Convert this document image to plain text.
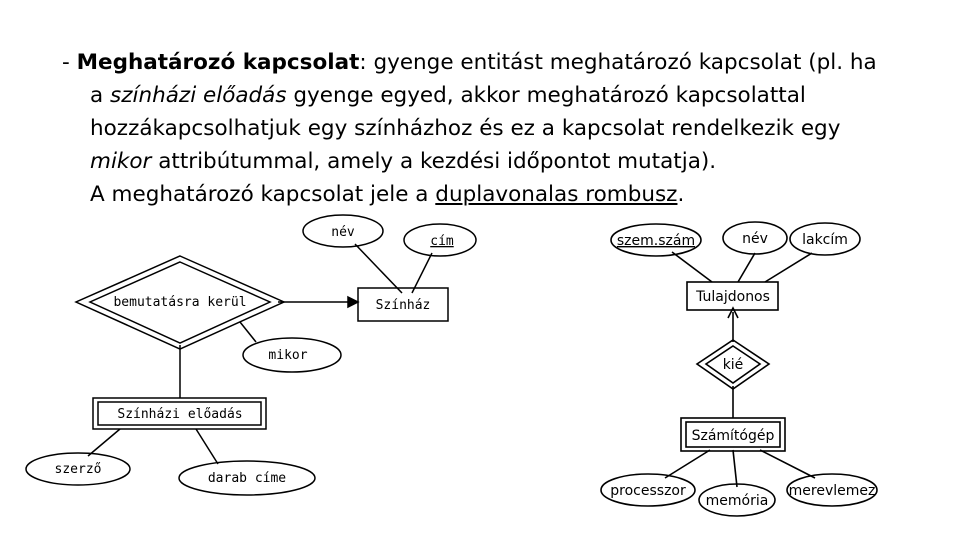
- Meghatározó kapcsolat: gyenge entitást meghatározó kapcsolat (pl. ha
a színházi előadás gyenge egyed, akkor meghatározó kapcsolattal
hozzákapcsolhatjuk egy színházhoz és ez a kapcsolat rendelkezik egy
mikor attribútummal, amely a kezdési időpontot mutatja).
A meghatározó kapcsolat jele a duplavonalas rombusz.
név
cím
bemutatásra kerül	Színház
mikor
Színházi előadás
szerző
darab címe
szem.szám	név lakcím
Tulajdonos
kié
Számítógép
processzor
memória
merevlemez
